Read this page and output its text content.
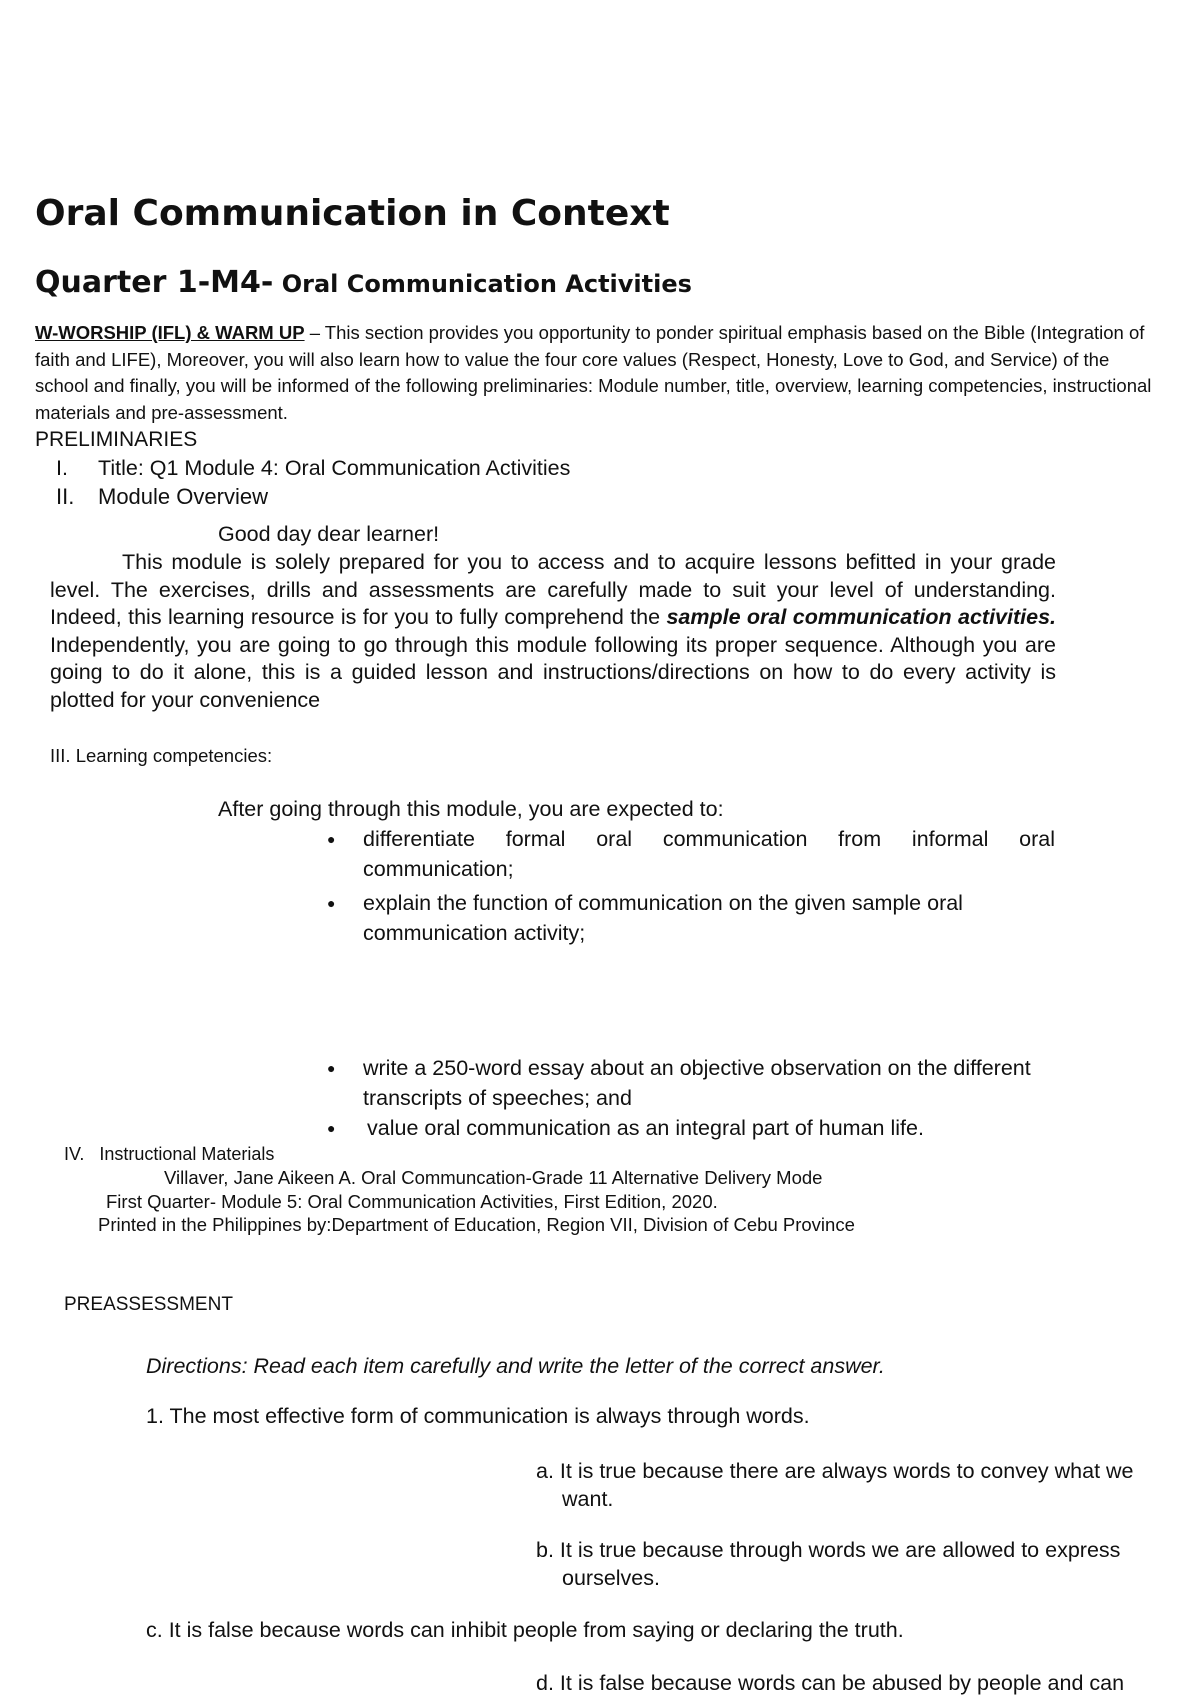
Oral Communication in Context
Quarter 1-M4- Oral Communication Activities
W-WORSHIP (IFL) & WARM UP – This section provides you opportunity to ponder spiritual emphasis based on the Bible (Integration of faith and LIFE), Moreover, you will also learn how to value the four core values (Respect, Honesty, Love to God, and Service) of the school and finally, you will be informed of the following preliminaries: Module number, title, overview, learning competencies, instructional materials and pre-assessment.
PRELIMINARIES
I. Title: Q1 Module 4: Oral Communication Activities
II. Module Overview
Good day dear learner!
This module is solely prepared for you to access and to acquire lessons befitted in your grade level. The exercises, drills and assessments are carefully made to suit your level of understanding. Indeed, this learning resource is for you to fully comprehend the sample oral communication activities. Independently, you are going to go through this module following its proper sequence. Although you are going to do it alone, this is a guided lesson and instructions/directions on how to do every activity is plotted for your convenience
III. Learning competencies:
After going through this module, you are expected to:
● differentiate formal oral communication from informal oral communication;
● explain the function of communication on the given sample oral communication activity;
● write a 250-word essay about an objective observation on the different transcripts of speeches; and
● value oral communication as an integral part of human life.
IV.   Instructional Materials
Villaver, Jane Aikeen A. Oral Communcation-Grade 11 Alternative Delivery Mode
First Quarter- Module 5: Oral Communication Activities, First Edition, 2020.
Printed in the Philippines by:Department of Education, Region VII, Division of Cebu Province
PREASSESSMENT
Directions: Read each item carefully and write the letter of the correct answer.
1. The most effective form of communication is always through words.
a. It is true because there are always words to convey what we want.
b. It is true because through words we are allowed to express ourselves.
c. It is false because words can inhibit people from saying or declaring the truth.
d. It is false because words can be abused by people and can
